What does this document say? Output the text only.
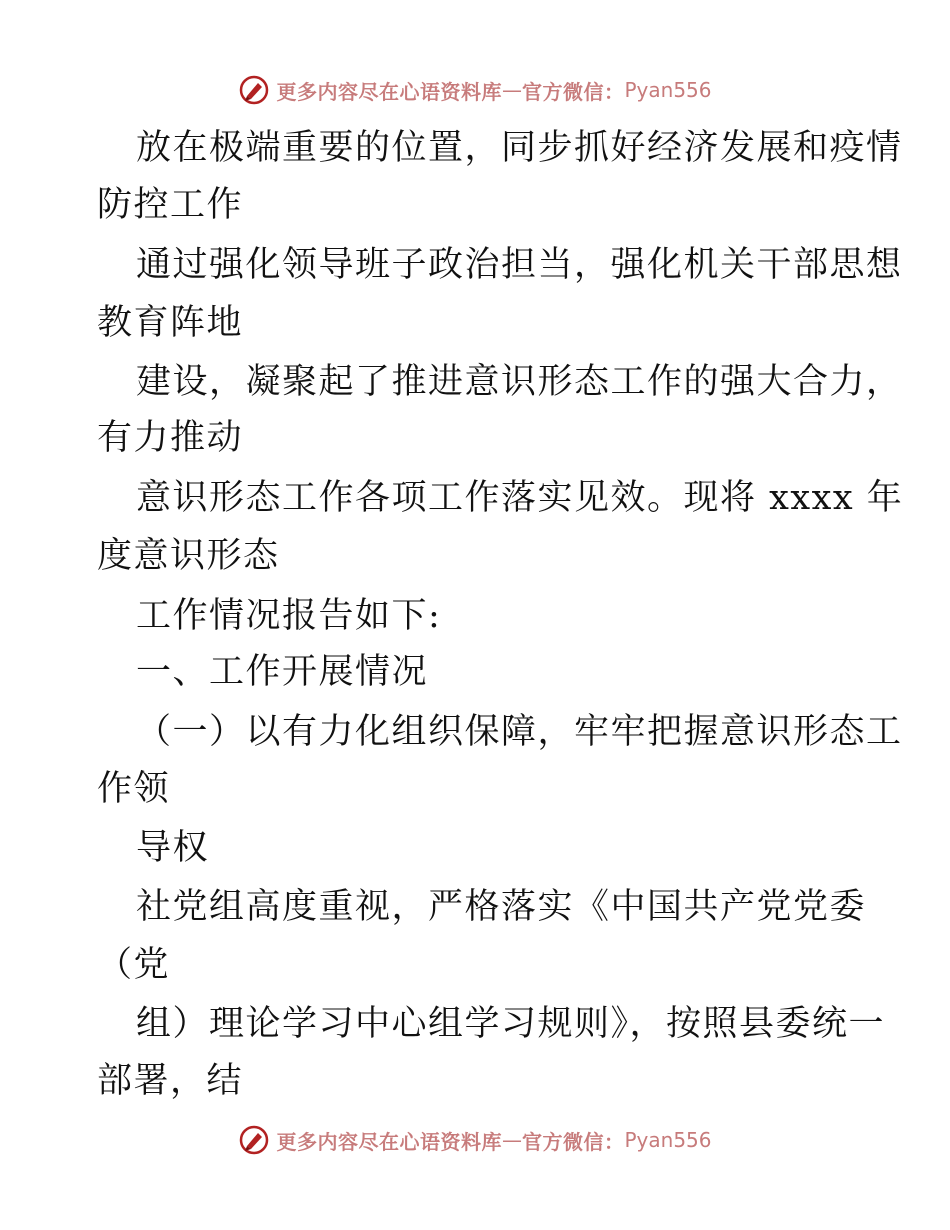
更多内容尽在心语资料库 — 官方微信： Pyan556
放在极端重要的位置，同步抓好经济发展和疫情
防控工作
通过强化领导班子政治担当，强化机关干部思想
教育阵地
建设，凝聚起了推进意识形态工作的强大合力，
有力推动
意识形态工作各项工作落实见效。现将 xxxx 年
度意识形态
工作情况报告如下:
一、工作开展情况
（一）以有力化组织保障，牢牢把握意识形态工
作领
导权
社党组高度重视，严格落实《中国共产党党委
（党
组）理论学习中心组学习规则》，按照县委统一
部署，结
更多内容尽在心语资料库 — 官方微信： Pyan556
